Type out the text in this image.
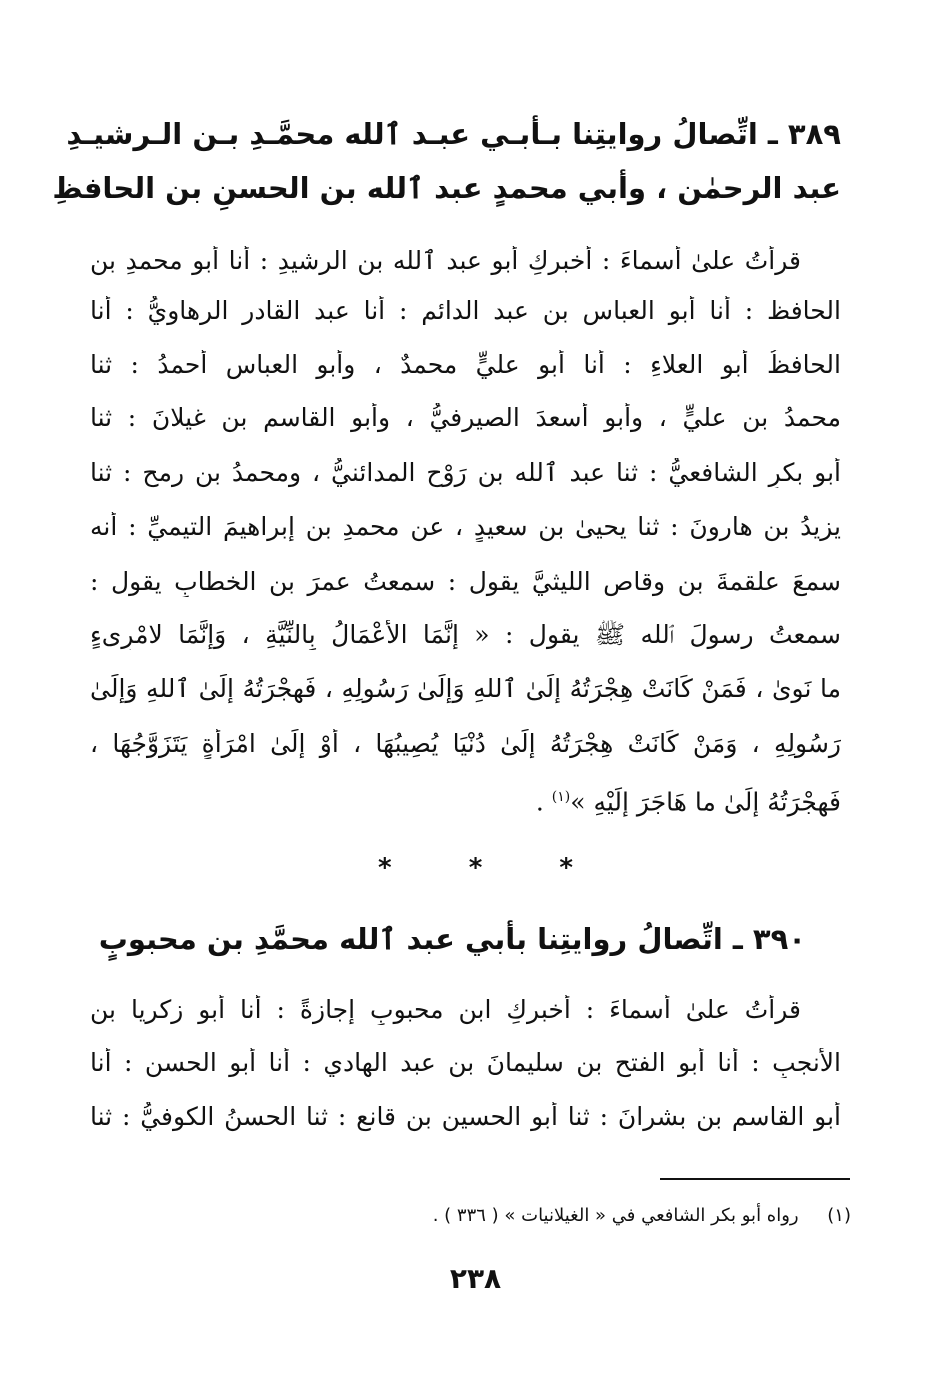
٣٨٩ ـ اتِّصالُ روايتِنا بـأبـي عبـد ٱلله محمَّـدِ بـن الـرشيـدِ
عبد الرحمٰن ، وأبي محمدٍ عبد ٱلله بن الحسنِ بن الحافظِ
قرأتُ علىٰ أسماءَ : أخبركِ أبو عبد ٱلله بن الرشيدِ : أنا أبو محمدِ بن
الحافظ : أنا أبو العباسِ بن عبد الدائمِ : أنا عبد القادر الرهاويُّ : أنا
الحافظُ أبو العلاءِ : أنا أبو عليٍّ محمدٌ ، وأبو العباسِ أحمدُ : ثنا
محمدُ بن عليٍّ ، وأبو أسعدَ الصيرفيُّ ، وأبو القاسمِ بن غيلانَ : ثنا
أبو بكرٍ الشافعيُّ : ثنا عبد ٱلله بن رَوْحٍ المدائنيُّ ، ومحمدُ بن رمحٍ : ثنا
يزيدُ بن هارونَ : ثنا يحيىٰ بن سعيدٍ ، عن محمدِ بن إبراهيمَ التيميِّ : أنه
سمعَ علقمةَ بن وقاصٍ الليثيَّ يقول : سمعتُ عمرَ بن الخطابِ يقول :
سمعتُ رسولَ ٱلله ﷺ يقول : « إِنَّمَا الأَعْمَالُ بِالنِّيَّةِ ، وَإِنَّمَا لامْرِىءٍ
ما نَوىٰ ، فَمَنْ كَانَتْ هِجْرَتُهُ إِلَىٰ ٱللهِ وَإِلَىٰ رَسُولِهِ ، فَهِجْرَتُهُ إِلَىٰ ٱللهِ وَإِلَىٰ
رَسُولِهِ ، وَمَنْ كَانَتْ هِجْرَتُهُ إِلَىٰ دُنْيَا يُصِيبُهَا ، أَوْ إِلَىٰ امْرَأَةٍ يَتَزَوَّجُهَا ،
فَهِجْرَتُهُ إِلَىٰ ما هَاجَرَ إِلَيْهِ »$^{(١)}$ .
* * *
٣٩٠ ـ اتِّصالُ روايتِنا بأبي عبد ٱلله محمَّدِ بن محبوبٍ
قرأتُ علىٰ أسماءَ : أخبركِ ابن محبوبٍ إجازةً : أنا أبو زكريا بن
الأنجبِ : أنا أبو الفتحِ بن سليمانَ بن عبد الهادي : أنا أبو الحسنِ : أنا
أبو القاسمِ بن بشرانَ : ثنا أبو الحسينِ بن قانعٍ : ثنا الحسنُ الكوفيُّ : ثنا
(١)     رواه أبو بكر الشافعي في « الغيلانيات » ( ٣٣٦ ) .
٢٣٨
